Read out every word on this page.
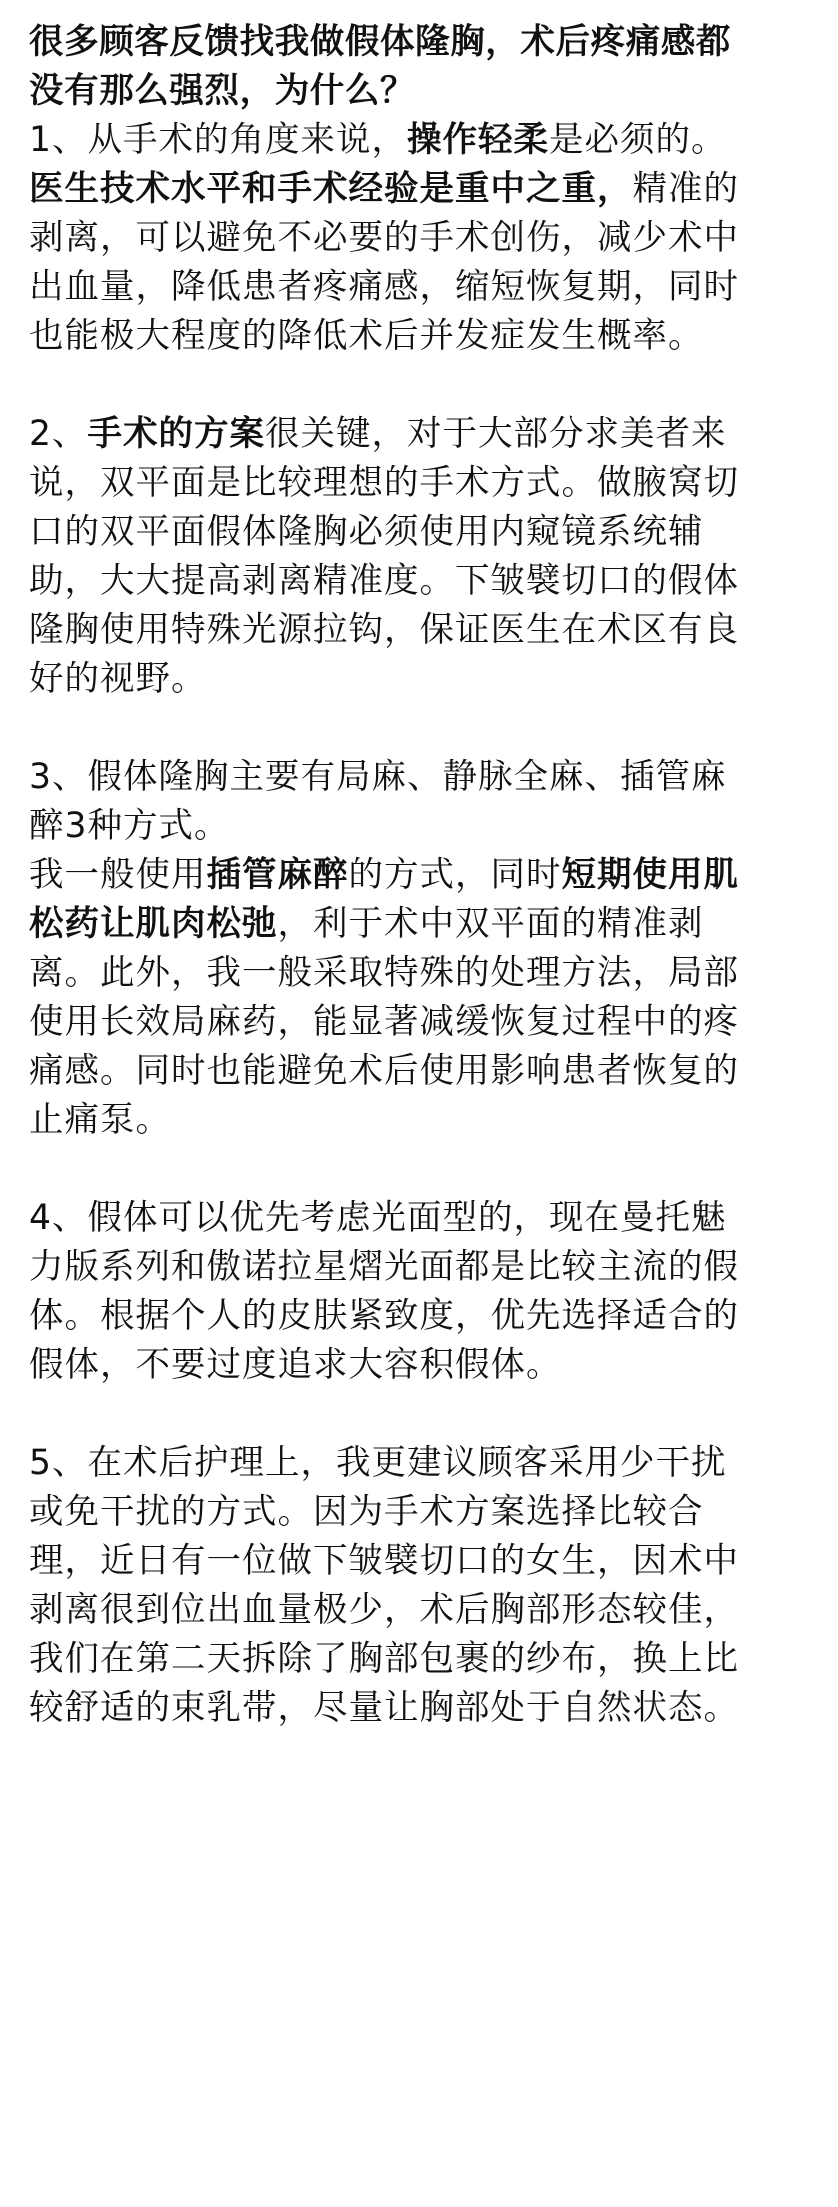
很多顾客反馈找我做假体隆胸，术后疼痛感都
没有那么强烈，为什么？
1、从手术的角度来说，操作轻柔是必须的。
医生技术水平和手术经验是重中之重，精准的
剥离，可以避免不必要的手术创伤，减少术中
出血量，降低患者疼痛感，缩短恢复期，同时
也能极大程度的降低术后并发症发生概率。
2、手术的方案很关键，对于大部分求美者来
说，双平面是比较理想的手术方式。做腋窝切
口的双平面假体隆胸必须使用内窥镜系统辅
助，大大提高剥离精准度。下皱襞切口的假体
隆胸使用特殊光源拉钩，保证医生在术区有良
好的视野。
3、假体隆胸主要有局麻、静脉全麻、插管麻
醉3种方式。
我一般使用插管麻醉的方式，同时短期使用肌
松药让肌肉松弛，利于术中双平面的精准剥
离。此外，我一般采取特殊的处理方法，局部
使用长效局麻药，能显著减缓恢复过程中的疼
痛感。同时也能避免术后使用影响患者恢复的
止痛泵。
4、假体可以优先考虑光面型的，现在曼托魅
力版系列和傲诺拉星熠光面都是比较主流的假
体。根据个人的皮肤紧致度，优先选择适合的
假体，不要过度追求大容积假体。
5、在术后护理上，我更建议顾客采用少干扰
或免干扰的方式。因为手术方案选择比较合
理，近日有一位做下皱襞切口的女生，因术中
剥离很到位出血量极少，术后胸部形态较佳，
我们在第二天拆除了胸部包裹的纱布，换上比
较舒适的束乳带，尽量让胸部处于自然状态。
